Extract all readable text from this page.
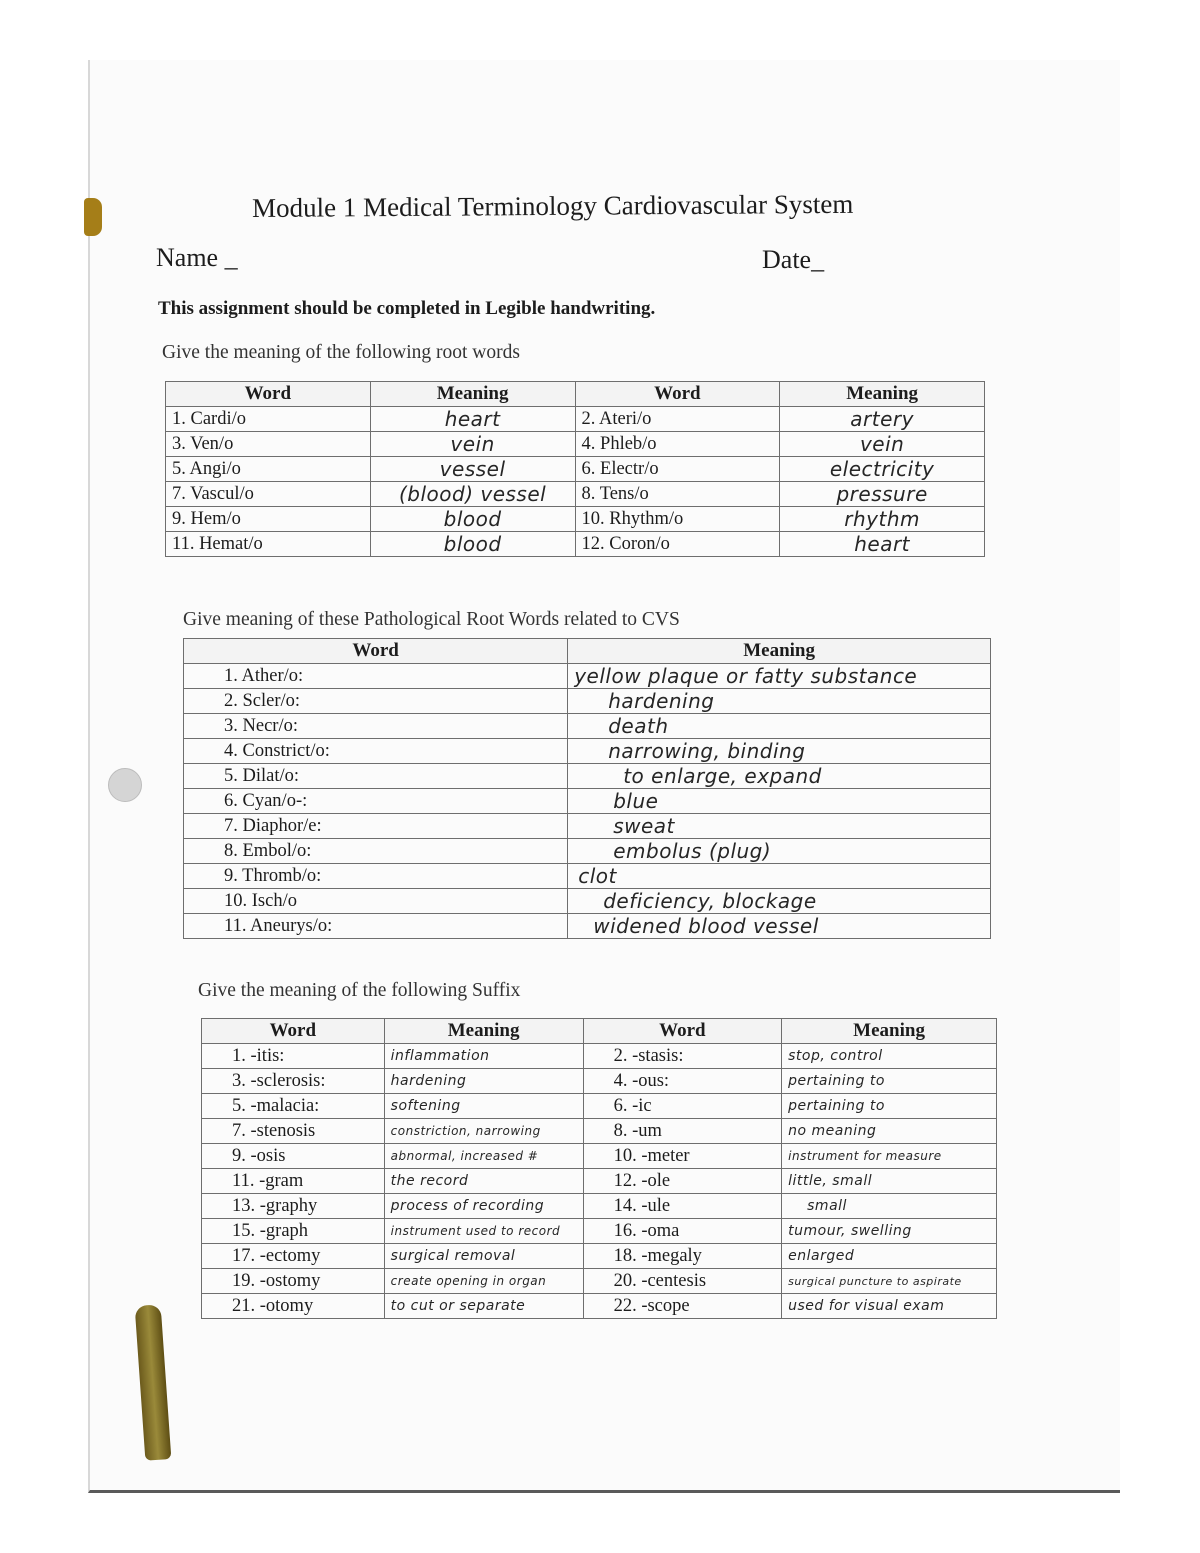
Module 1 Medical Terminology Cardiovascular System
Name _	Date_
This assignment should be completed in Legible handwriting.
Give the meaning of the following root words
Word	Meaning	Word	Meaning
1. Cardi/o	heart	2. Ateri/o	artery
3. Ven/o	vein	4. Phleb/o	vein
5. Angi/o	vessel	6. Electr/o	electricity
7. Vascul/o	(blood) vessel	8. Tens/o	pressure
9. Hem/o	blood	10. Rhythm/o	rhythm
11. Hemat/o	blood	12. Coron/o	heart
Give meaning of these Pathological Root Words related to CVS
Word	Meaning
1. Ather/o:	yellow plaque or fatty substance
2. Scler/o:	hardening
3. Necr/o:	death
4. Constrict/o:	narrowing, binding
5. Dilat/o:	to enlarge, expand
6. Cyan/o-:	blue
7. Diaphor/e:	sweat
8. Embol/o:	embolus (plug)
9. Thromb/o:	clot
10. Isch/o	deficiency, blockage
11. Aneurys/o:	widened blood vessel
Give the meaning of the following Suffix
Word	Meaning	Word	Meaning
1. -itis:	inflammation	2. -stasis:	stop, control
3. -sclerosis:	hardening	4. -ous:	pertaining to
5. -malacia:	softening	6. -ic	pertaining to
7. -stenosis	constriction, narrowing	8. -um	no meaning
9. -osis	abnormal, increased #	10. -meter	instrument for measure
11. -gram	the record	12. -ole	little, small
13. -graphy	process of recording	14. -ule	small
15. -graph	instrument used to record	16. -oma	tumour, swelling
17. -ectomy	surgical removal	18. -megaly	enlarged
19. -ostomy	create opening in organ	20. -centesis	surgical puncture to aspirate
21. -otomy	to cut or separate	22. -scope	used for visual exam
